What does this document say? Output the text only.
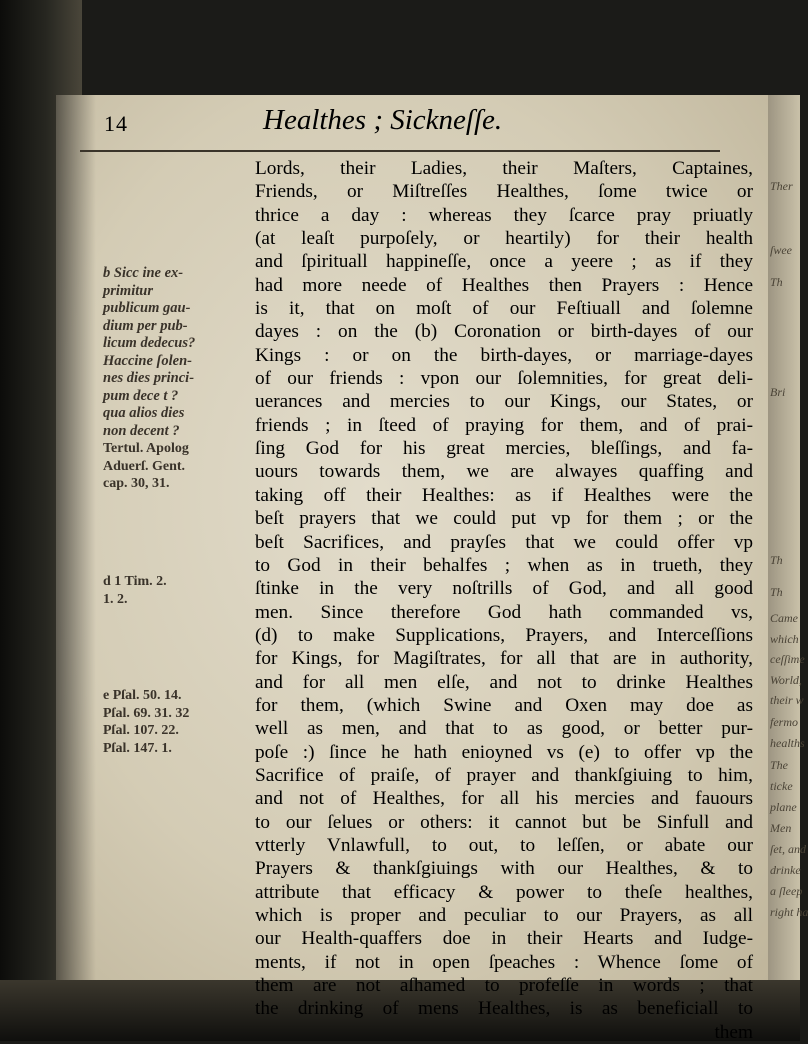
Ther
ſwee
Th
Bri
Th
Th
Came
which
ceſſime
World,
their w
fermo
healths
The
ticke
plane
Men
ſet, and
drinke
a ſleep
right ha
14	Healthes ; Sickneſſe.
b Sicc ine ex-
primitur
publicum gau-
dium per pub-
licum dedecus?
Haccine ſolen-
nes dies princi-
pum dece t ?
qua alios dies
non decent ?
Tertul. Apolog
Aduerſ. Gent.
cap. 30, 31.
d 1 Tim. 2.
1. 2.
e Pſal. 50. 14.
Pſal. 69. 31. 32
Pſal. 107. 22.
Pſal. 147. 1.
Lords, their Ladies, their Maſters, Captaines,
Friends, or Miſtreſſes Healthes, ſome twice or
thrice a day : whereas they ſcarce pray priuatly
(at leaſt purpoſely, or heartily) for their health
and ſpirituall happineſſe, once a yeere ; as if they
had more neede of Healthes then Prayers : Hence
is it, that on moſt of our Feſtiuall and ſolemne
dayes : on the (b) Coronation or birth-dayes of our
Kings : or on the birth-dayes, or marriage-dayes
of our friends : vpon our ſolemnities, for great deli-
uerances and mercies to our Kings, our States, or
friends ; in ſteed of praying for them, and of prai-
ſing God for his great mercies, bleſſings, and fa-
uours towards them, we are alwayes quaffing and
taking off their Healthes: as if Healthes were the
beſt prayers that we could put vp for them ; or the
beſt Sacrifices, and prayſes that we could offer vp
to God in their behalfes ; when as in trueth, they
ſtinke in the very noſtrills of God, and all good
men. Since therefore God hath commanded vs,
(d) to make Supplications, Prayers, and Interceſſions
for Kings, for Magiſtrates, for all that are in authority,
and for all men elſe, and not to drinke Healthes
for them, (which Swine and Oxen may doe as
well as men, and that to as good, or better pur-
poſe :) ſince he hath enioyned vs (e) to offer vp the
Sacrifice of praiſe, of prayer and thankſgiuing to him,
and not of Healthes, for all his mercies and fauours
to our ſelues or others: it cannot but be Sinfull and
vtterly Vnlawfull, to out, to leſſen, or abate our
Prayers & thankſgiuings with our Healthes, & to
attribute that efficacy & power to theſe healthes,
which is proper and peculiar to our Prayers, as all
our Health-quaffers doe in their Hearts and Iudge-
ments, if not in open ſpeaches : Whence ſome of
them are not aſhamed to profeſſe in words ; that
the drinking of mens Healthes, is as beneficiall to
them
